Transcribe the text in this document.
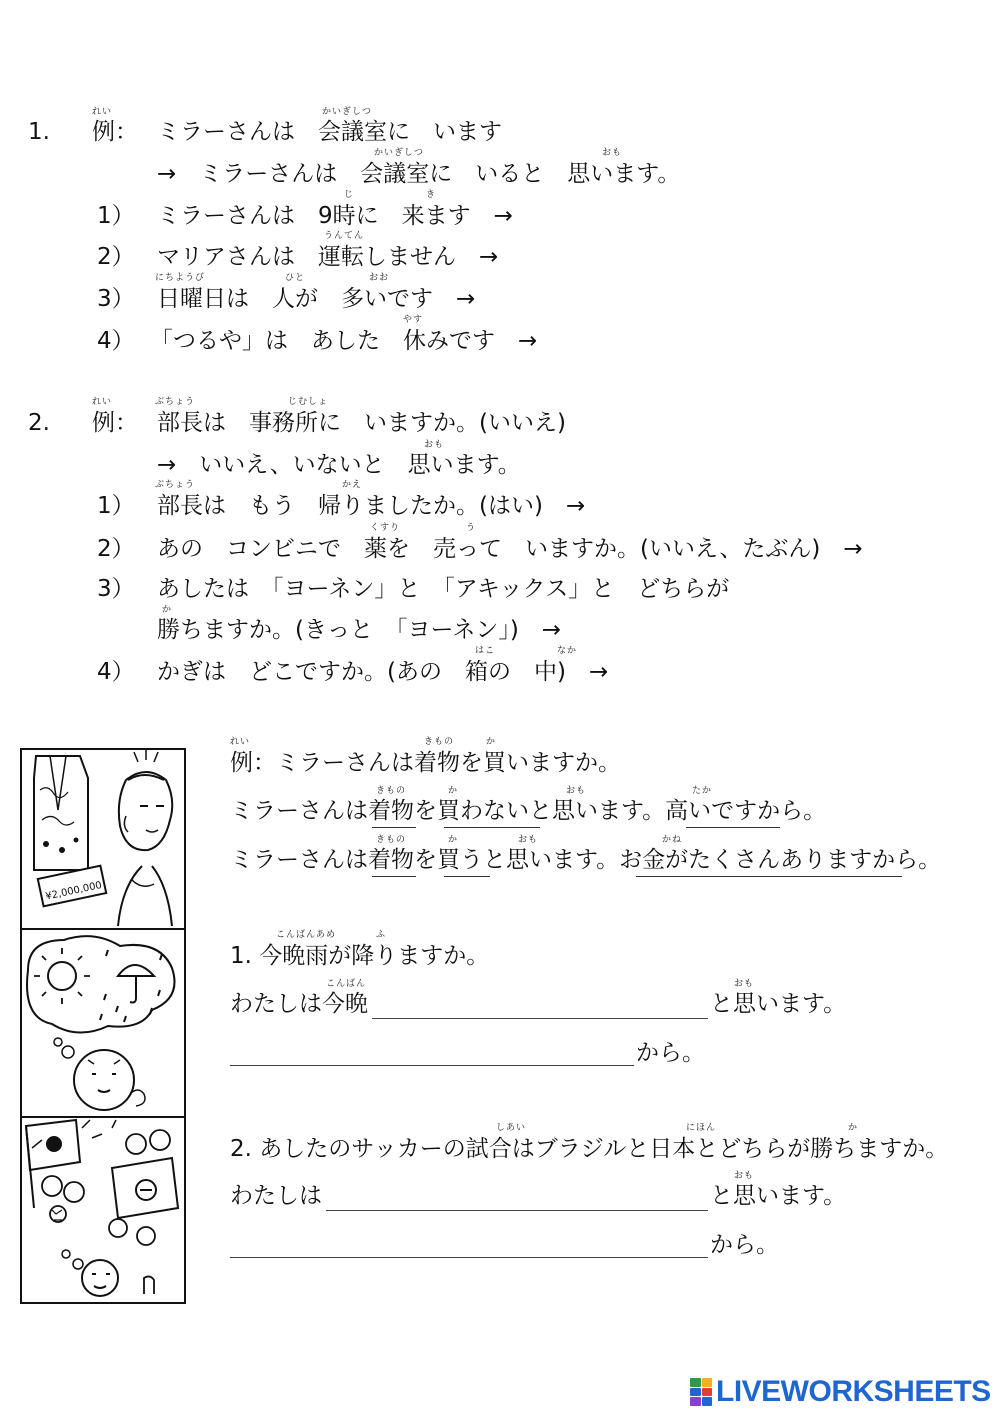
1.
れい
例：
かいぎしつ
ミラーさんは　会議室に　います
かいぎしつ	おも
→　ミラーさんは　会議室に　いると　思います。
1）
じ	き
ミラーさんは　9時に　来ます　→
2）
うんてん
マリアさんは　運転しません　→
3）
にちようび	ひと	おお
日曜日は　人が　多いです　→
4）
やす
「つるや」は　あした　休みです　→
2.
れい
例：
ぶちょう	じむしょ
部長は　事務所に　いますか。(いいえ)
おも
→　いいえ、いないと　思います。
1）
ぶちょう	かえ
部長は　もう　帰りましたか。(はい)　→
2）
くすり	う
あの　コンビニで　薬を　売って　いますか。(いいえ、たぶん)　→
3） あしたは　「ヨーネン」と　「アキックス」と　どちらが
か
勝ちますか。(きっと　「ヨーネン」)　→
4）
はこ	なか
かぎは　どこですか。(あの　箱の　中)　→
¥2,000,000
れい	きもの	か
例：ミラーさんは着物を買いますか。
きもの	か	おも	たか
ミラーさんは着物を買わないと思います。高いですから。
きもの	か	おも	かね
ミラーさんは着物を買うと思います。お金がたくさんありますから。
こんばんあめ	ふ
1. 今晩雨が降りますか。
こんばん
わたしは今晩
おも
と思います。
から。
しあい	にほん	か
2. あしたのサッカーの試合はブラジルと日本とどちらが勝ちますか。
わたしは
おも
と思います。
から。
LIVEWORKSHEETS
